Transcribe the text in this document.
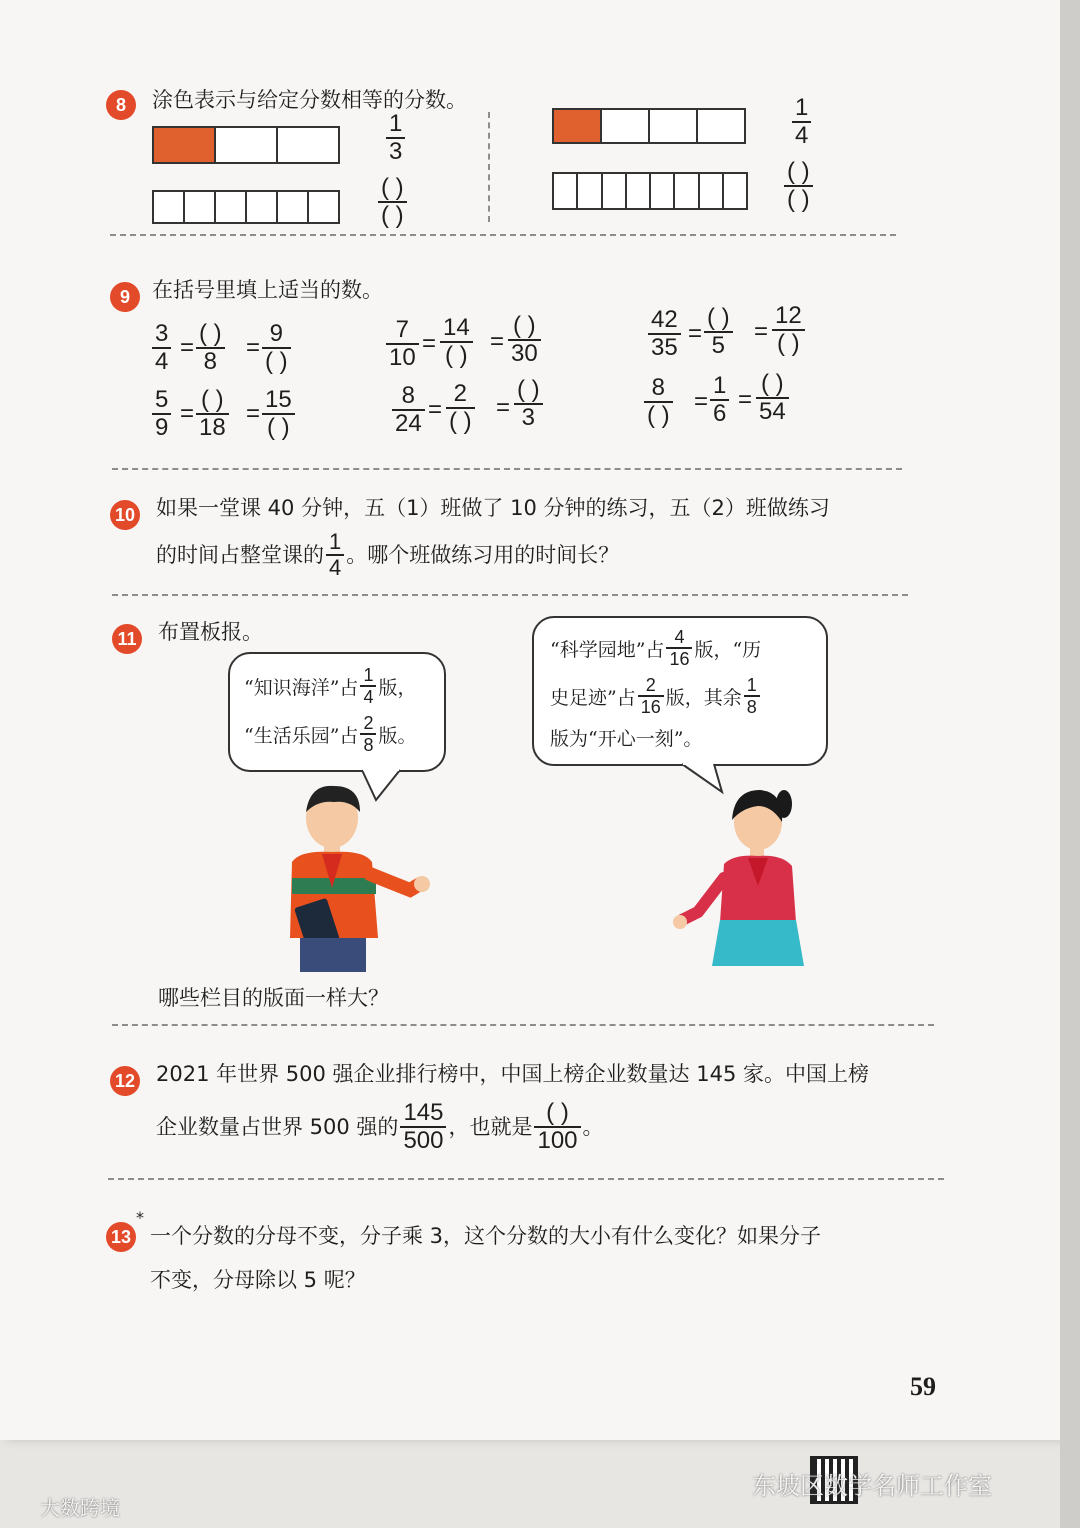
8	涂色表示与给定分数相等的分数。
1
3
( )
( )
1
4
( )
( )
9	在括号里填上适当的数。
3
4
=
( )
8
=
9
( )
7
10
=
14
( )
=
( )
30
42
35
=
( )
5
=
12
( )
5
9
=
( )
18
=
15
( )
8
24
=
2
( )
=
( )
3
8
( )
=
1
6
=
( )
54
10 如果一堂课 40 分钟，五（1）班做了 10 分钟的练习，五（2）班做练习
的时间占整堂课的 $\frac{1}{4}$ 。哪个班做练习用的时间长？
11 布置板报。
“知识海洋”占 $\frac{1}{4}$ 版，
“生活乐园”占 $\frac{2}{8}$ 版。
“科学园地”占 $\frac{4}{16}$ 版，“历
史足迹”占 $\frac{2}{16}$ 版，其余 $\frac{1}{8}$
版为“开心一刻”。
哪些栏目的版面一样大？
12 2021 年世界 500 强企业排行榜中，中国上榜企业数量达 145 家。中国上榜
企业数量占世界 500 强的 $\frac{145}{500}$ ，也就是 $\frac{( )}{100}$ 。
13
*
一个分数的分母不变，分子乘 3，这个分数的大小有什么变化？如果分子
不变，分母除以 5 呢？
59
大数跨境
东坡区数学名师工作室
